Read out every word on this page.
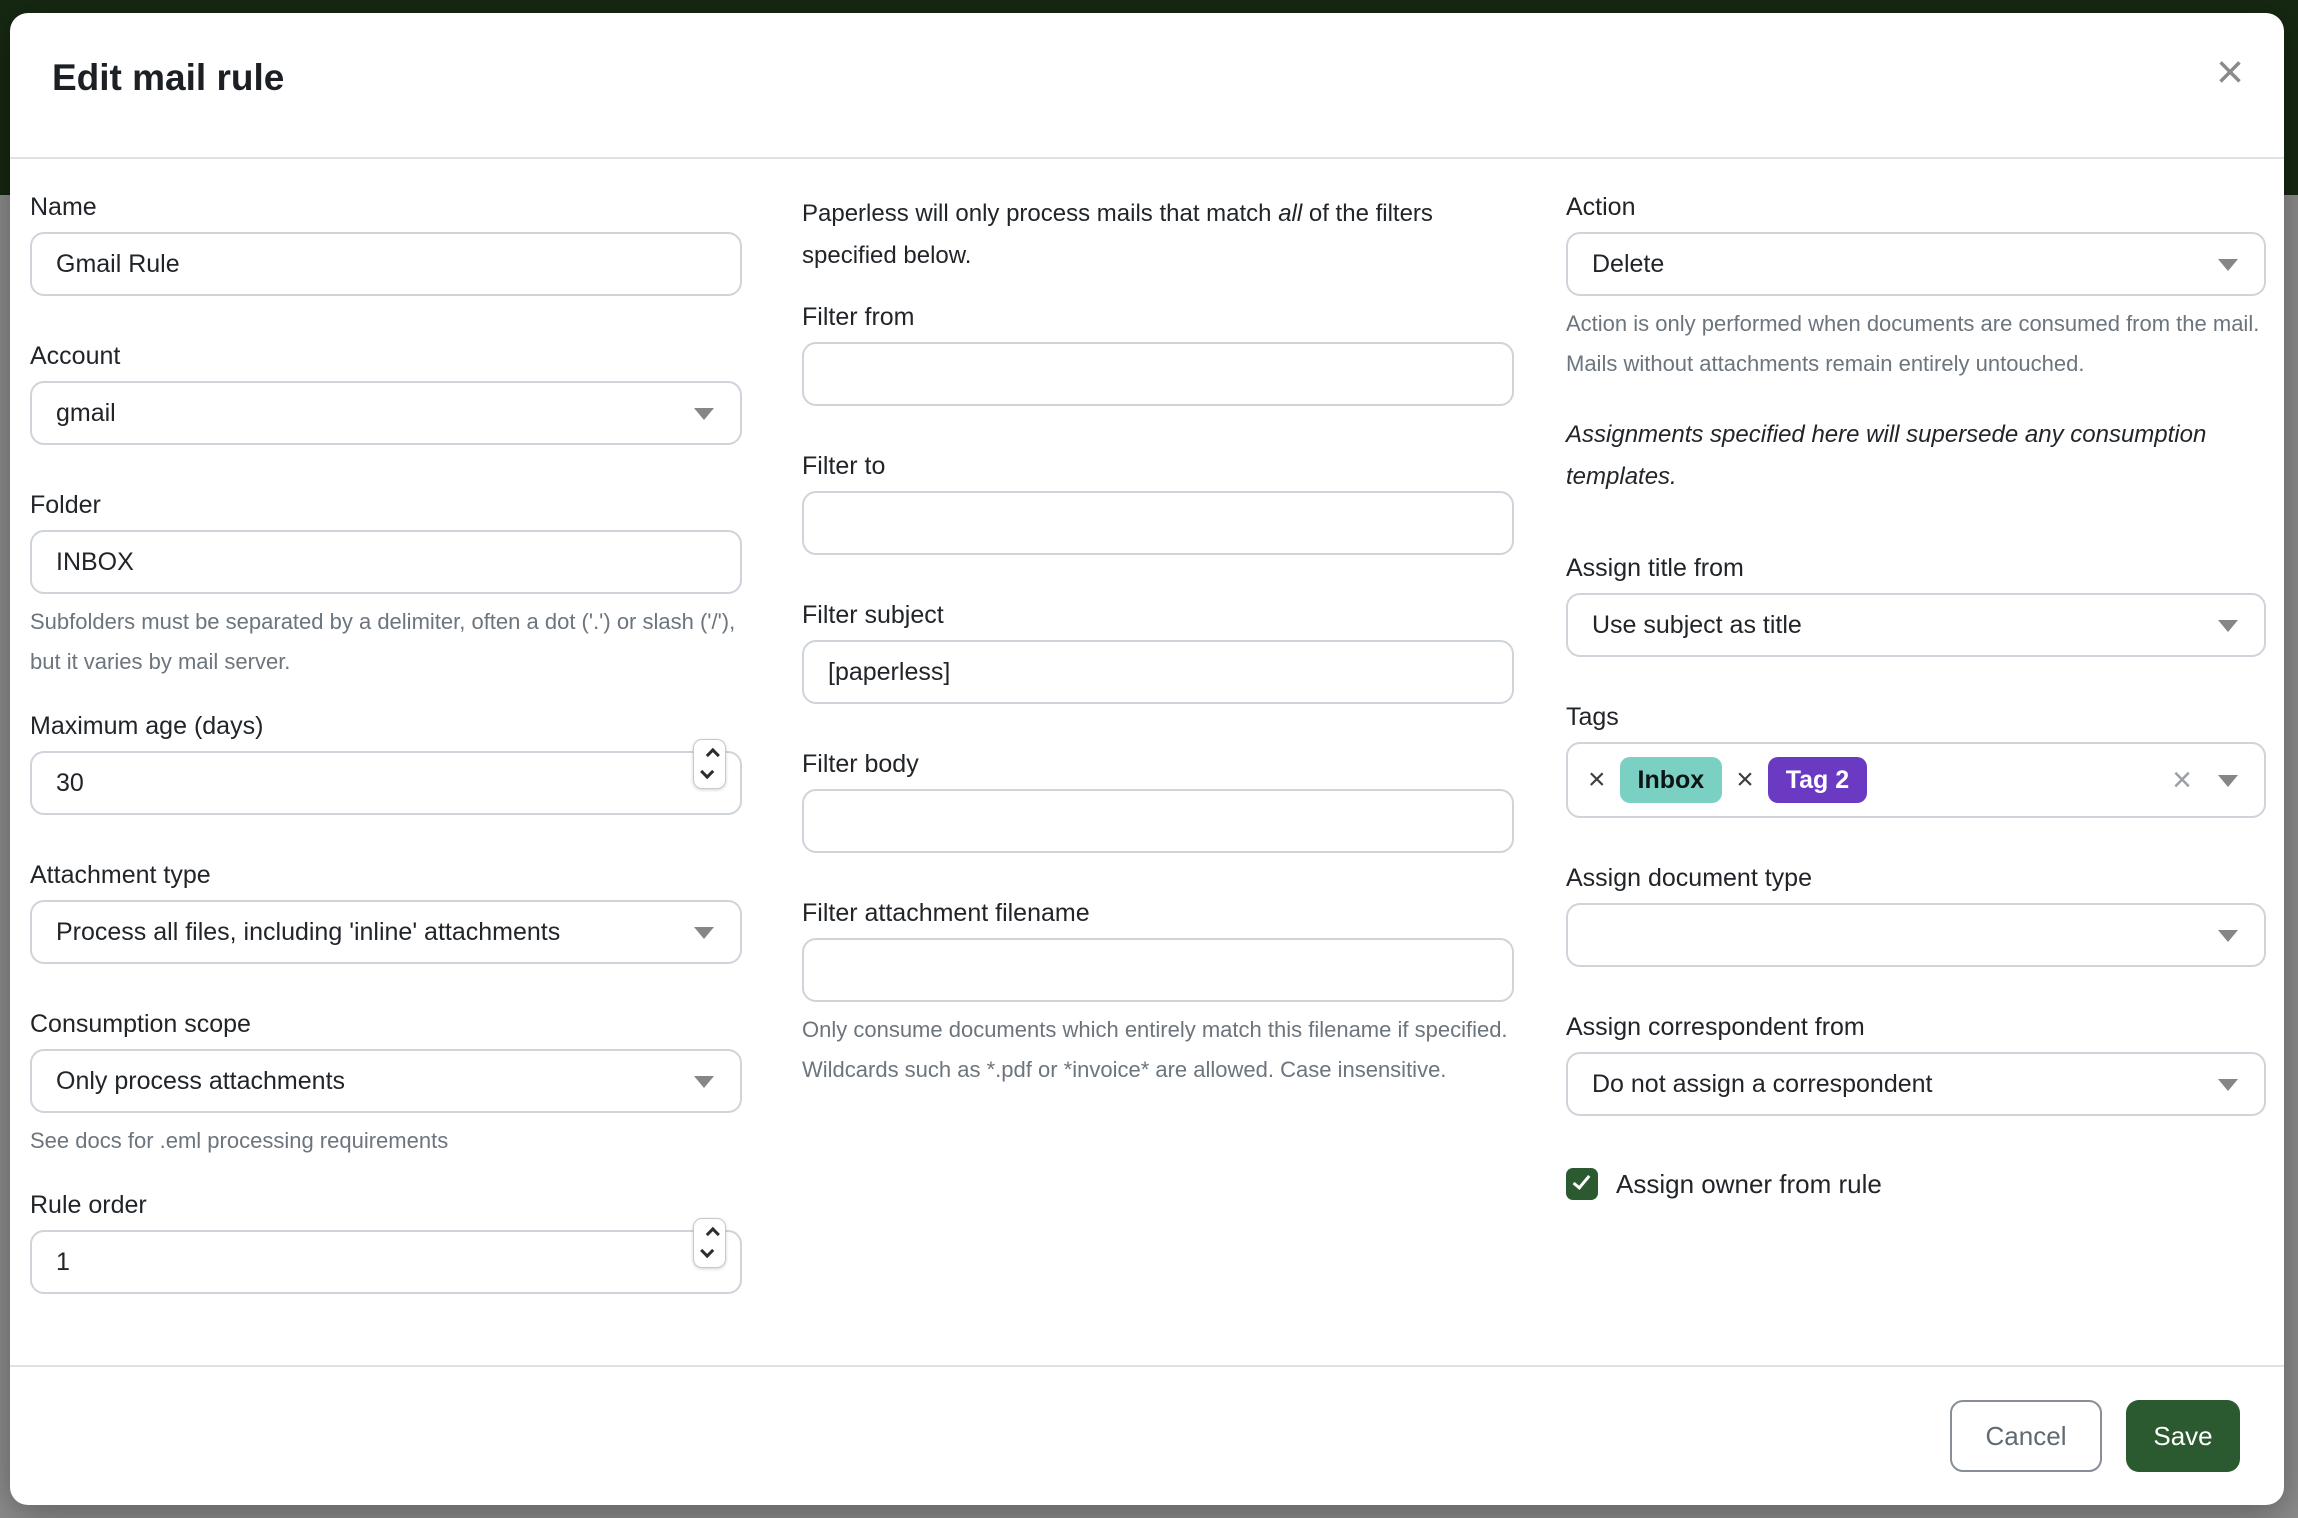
Edit mail rule	×
Name
Gmail Rule
Account
gmail
Folder
INBOX
Subfolders must be separated by a delimiter, often a dot ('.') or slash ('/'), but it varies by mail server.
Maximum age (days)
30
Attachment type
Process all files, including 'inline' attachments
Consumption scope
Only process attachments
See docs for .eml processing requirements
Rule order
1
Paperless will only process mails that match all of the filters specified below.
Filter from
Filter to
Filter subject
[paperless]
Filter body
Filter attachment filename
Only consume documents which entirely match this filename if specified. Wildcards such as *.pdf or *invoice* are allowed. Case insensitive.
Action
Delete
Action is only performed when documents are consumed from the mail. Mails without attachments remain entirely untouched.
Assignments specified here will supersede any consumption templates.
Assign title from
Use subject as title
Tags
×	Inbox	×	Tag 2	×
Assign document type
Assign correspondent from
Do not assign a correspondent
Assign owner from rule
Cancel	Save
